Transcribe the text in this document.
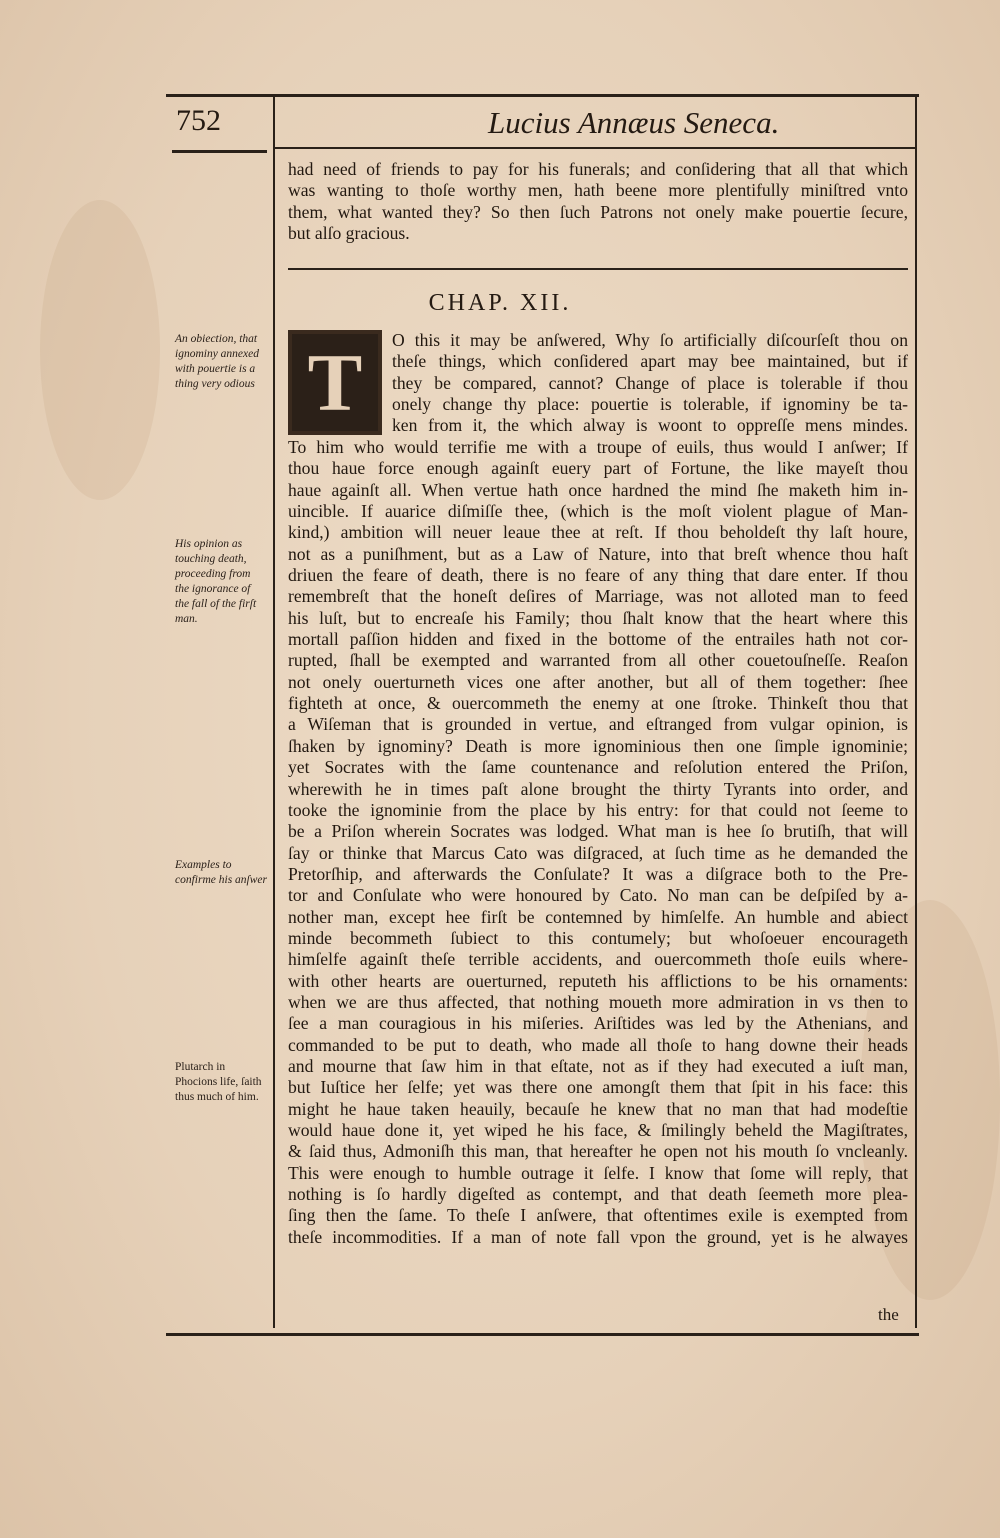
752	Lucius Annæus Seneca.
had need of friends to pay for his funerals; and conſidering that all that which
was wanting to thoſe worthy men, hath beene more plentifully miniſtred vnto
them, what wanted they? So then ſuch Patrons not onely make pouertie ſecure,
but alſo gracious.
CHAP. XII.
T	O this it may be anſwered, Why ſo artificially diſcourſeſt thou on
theſe things, which conſidered apart may bee maintained, but if
they be compared, cannot? Change of place is tolerable if thou
onely change thy place: pouertie is tolerable, if ignominy be ta-
ken from it, the which alway is woont to oppreſſe mens mindes.
To him who would terrifie me with a troupe of euils, thus would I anſwer; If
thou haue force enough againſt euery part of Fortune, the like mayeſt thou
haue againſt all. When vertue hath once hardned the mind ſhe maketh him in-
uincible. If auarice diſmiſſe thee, (which is the moſt violent plague of Man-
kind,) ambition will neuer leaue thee at reſt. If thou beholdeſt thy laſt houre,
not as a puniſhment, but as a Law of Nature, into that breſt whence thou haſt
driuen the feare of death, there is no feare of any thing that dare enter. If thou
remembreſt that the honeſt deſires of Marriage, was not alloted man to feed
his luſt, but to encreaſe his Family; thou ſhalt know that the heart where this
mortall paſſion hidden and fixed in the bottome of the entrailes hath not cor-
rupted, ſhall be exempted and warranted from all other couetouſneſſe. Reaſon
not onely ouerturneth vices one after another, but all of them together: ſhee
fighteth at once, & ouercommeth the enemy at one ſtroke. Thinkeſt thou that
a Wiſeman that is grounded in vertue, and eſtranged from vulgar opinion, is
ſhaken by ignominy? Death is more ignominious then one ſimple ignominie;
yet Socrates with the ſame countenance and reſolution entered the Priſon,
wherewith he in times paſt alone brought the thirty Tyrants into order, and
tooke the ignominie from the place by his entry: for that could not ſeeme to
be a Priſon wherein Socrates was lodged. What man is hee ſo brutiſh, that will
ſay or thinke that Marcus Cato was diſgraced, at ſuch time as he demanded the
Pretorſhip, and afterwards the Conſulate? It was a diſgrace both to the Pre-
tor and Conſulate who were honoured by Cato. No man can be deſpiſed by a-
nother man, except hee firſt be contemned by himſelfe. An humble and abiect
minde becommeth ſubiect to this contumely; but whoſoeuer encourageth
himſelfe againſt theſe terrible accidents, and ouercommeth thoſe euils where-
with other hearts are ouerturned, reputeth his afflictions to be his ornaments:
when we are thus affected, that nothing moueth more admiration in vs then to
ſee a man couragious in his miſeries. Ariſtides was led by the Athenians, and
commanded to be put to death, who made all thoſe to hang downe their heads
and mourne that ſaw him in that eſtate, not as if they had executed a iuſt man,
but Iuſtice her ſelfe; yet was there one amongſt them that ſpit in his face: this
might he haue taken heauily, becauſe he knew that no man that had modeſtie
would haue done it, yet wiped he his face, & ſmilingly beheld the Magiſtrates,
& ſaid thus, Admoniſh this man, that hereafter he open not his mouth ſo vncleanly.
This were enough to humble outrage it ſelfe. I know that ſome will reply, that
nothing is ſo hardly digeſted as contempt, and that death ſeemeth more plea-
ſing then the ſame. To theſe I anſwere, that oftentimes exile is exempted from
theſe incommodities. If a man of note fall vpon the ground, yet is he alwayes
An obiection, that ignominy annexed with pouertie is a thing very odious
His opinion as touching death, proceeding from the ignorance of the fall of the firſt man.
Examples to confirme his anſwer
Plutarch in Phocions life, ſaith thus much of him.
the
